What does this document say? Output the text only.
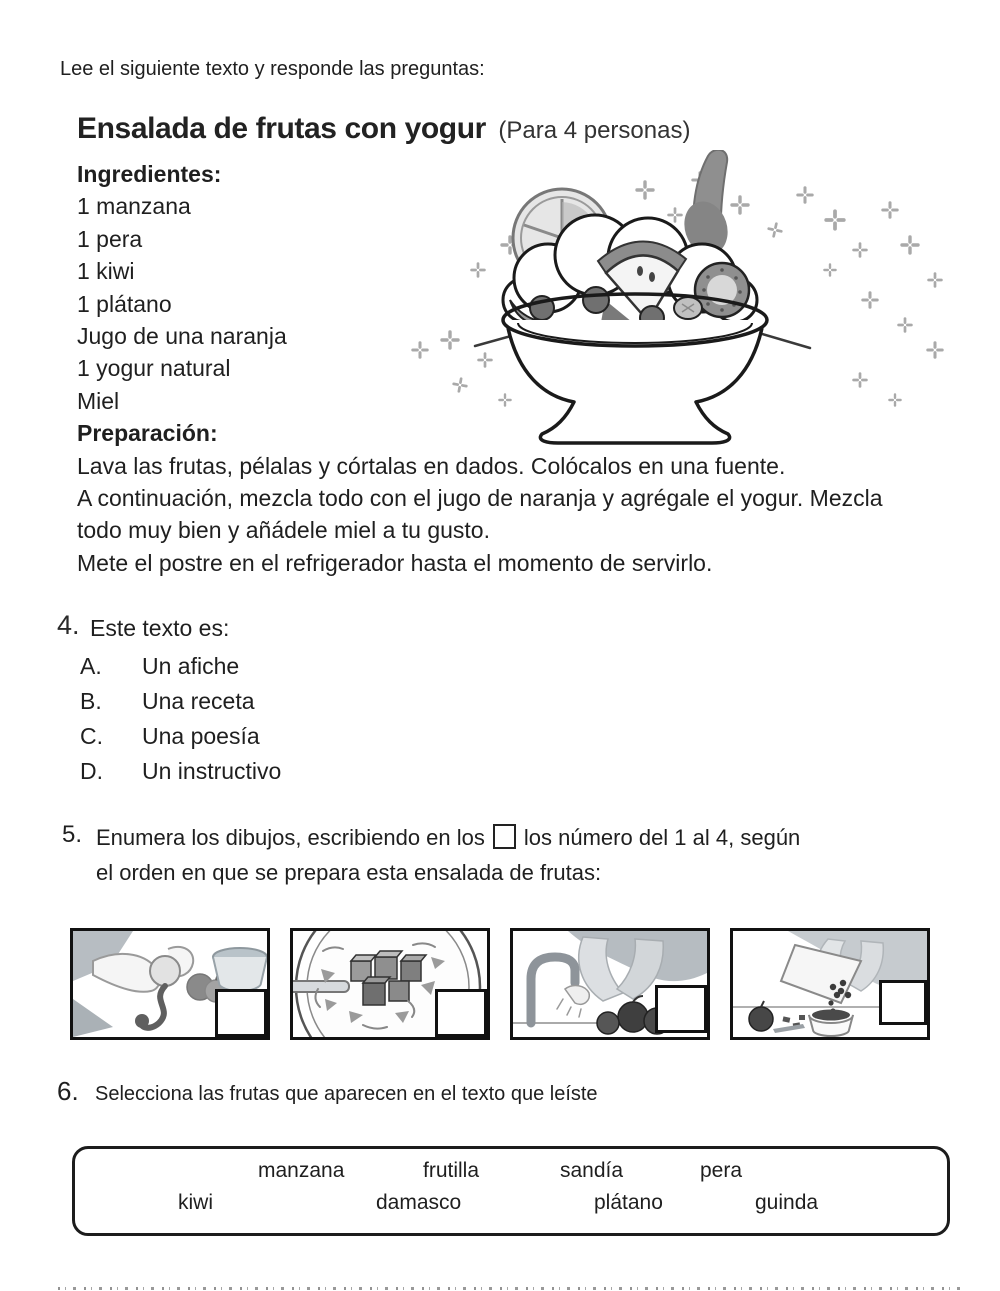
Lee el siguiente texto y responde las preguntas:
Ensalada de frutas con yogur (Para 4 personas)
Ingredientes:
1 manzana
1 pera
1 kiwi
1 plátano
Jugo de una naranja
1 yogur natural
Miel
Preparación:
Lava las frutas, pélalas y córtalas en dados. Colócalos en una fuente.
A continuación, mezcla todo con el jugo de naranja y agrégale el yogur. Mezcla
todo muy bien y añádele miel a tu gusto.
Mete el postre en el refrigerador hasta el momento de servirlo.
4. Este texto es:
A. Un afiche
B. Una receta
C. Una poesía
D. Un instructivo
5. Enumera los dibujos, escribiendo en los los número del 1 al 4, según
el orden en que se prepara esta ensalada de frutas:
6. Selecciona las frutas que aparecen en el texto que leíste
manzana	frutilla	sandía	pera
kiwi	damasco	plátano	guinda
